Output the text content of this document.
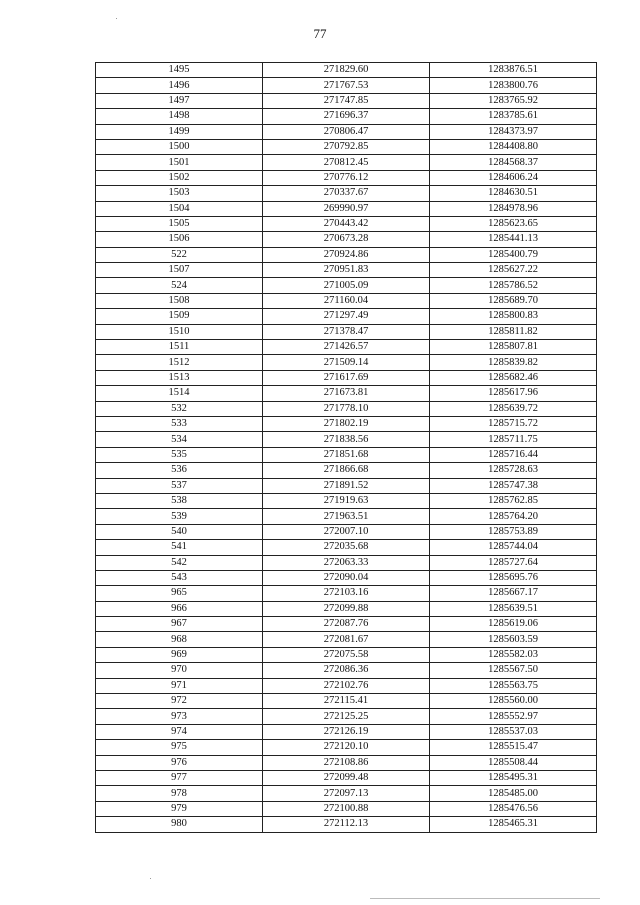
77
1495	271829.60	1283876.51
1496	271767.53	1283800.76
1497	271747.85	1283765.92
1498	271696.37	1283785.61
1499	270806.47	1284373.97
1500	270792.85	1284408.80
1501	270812.45	1284568.37
1502	270776.12	1284606.24
1503	270337.67	1284630.51
1504	269990.97	1284978.96
1505	270443.42	1285623.65
1506	270673.28	1285441.13
522	270924.86	1285400.79
1507	270951.83	1285627.22
524	271005.09	1285786.52
1508	271160.04	1285689.70
1509	271297.49	1285800.83
1510	271378.47	1285811.82
1511	271426.57	1285807.81
1512	271509.14	1285839.82
1513	271617.69	1285682.46
1514	271673.81	1285617.96
532	271778.10	1285639.72
533	271802.19	1285715.72
534	271838.56	1285711.75
535	271851.68	1285716.44
536	271866.68	1285728.63
537	271891.52	1285747.38
538	271919.63	1285762.85
539	271963.51	1285764.20
540	272007.10	1285753.89
541	272035.68	1285744.04
542	272063.33	1285727.64
543	272090.04	1285695.76
965	272103.16	1285667.17
966	272099.88	1285639.51
967	272087.76	1285619.06
968	272081.67	1285603.59
969	272075.58	1285582.03
970	272086.36	1285567.50
971	272102.76	1285563.75
972	272115.41	1285560.00
973	272125.25	1285552.97
974	272126.19	1285537.03
975	272120.10	1285515.47
976	272108.86	1285508.44
977	272099.48	1285495.31
978	272097.13	1285485.00
979	272100.88	1285476.56
980	272112.13	1285465.31
